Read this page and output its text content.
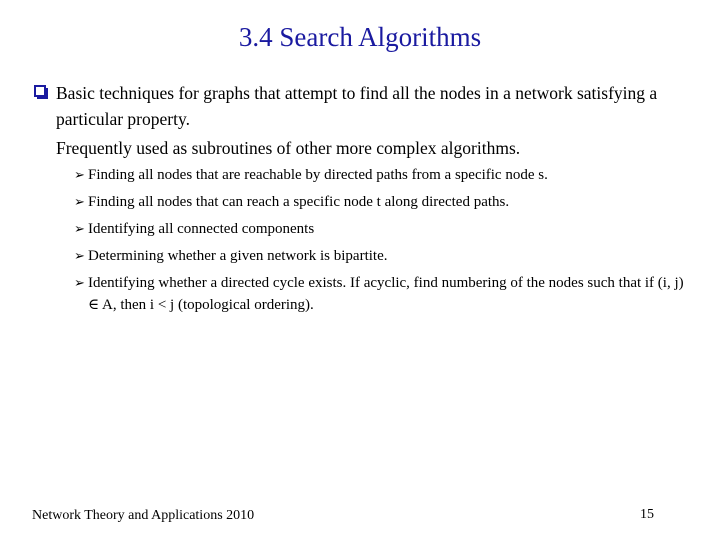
3.4 Search Algorithms
Basic techniques for graphs that attempt to find all the nodes in a network satisfying a particular property.
Frequently used as subroutines of other more complex algorithms.
➢ Finding all nodes that are reachable by directed paths from a specific node s.
➢ Finding all nodes that can reach a specific node t along directed paths.
➢ Identifying all connected components
➢ Determining whether a given network is bipartite.
➢ Identifying whether a directed cycle exists. If acyclic, find numbering of the nodes such that if (i, j) ∈ A, then i < j (topological ordering).
Network Theory and Applications 2010	15
